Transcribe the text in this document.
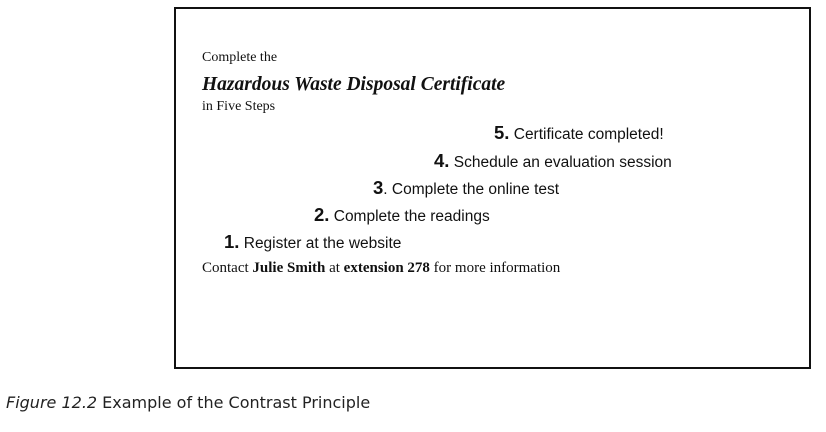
Complete the
Hazardous Waste Disposal Certificate
in Five Steps
5. Certificate completed!
4. Schedule an evaluation session
3. Complete the online test
2. Complete the readings
1. Register at the website
Contact Julie Smith at extension 278 for more information
Figure 12.2 Example of the Contrast Principle
